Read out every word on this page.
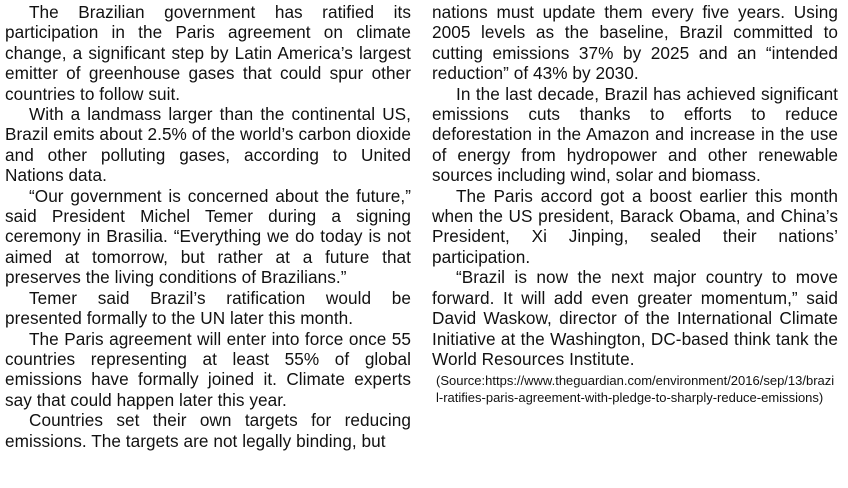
The Brazilian government has ratified its participation in the Paris agreement on climate change, a significant step by Latin America’s largest emitter of greenhouse gases that could spur other countries to follow suit.

With a landmass larger than the continental US, Brazil emits about 2.5% of the world’s carbon dioxide and other polluting gases, according to United Nations data.

“Our government is concerned about the future,” said President Michel Temer during a signing ceremony in Brasilia. “Everything we do today is not aimed at tomorrow, but rather at a future that preserves the living conditions of Brazilians.”

Temer said Brazil’s ratification would be presented formally to the UN later this month.

The Paris agreement will enter into force once 55 countries representing at least 55% of global emissions have formally joined it. Climate experts say that could happen later this year.

Countries set their own targets for reducing emissions. The targets are not legally binding, but

nations must update them every five years. Using 2005 levels as the baseline, Brazil committed to cutting emissions 37% by 2025 and an “intended reduction” of 43% by 2030.

In the last decade, Brazil has achieved significant emissions cuts thanks to efforts to reduce deforestation in the Amazon and increase in the use of energy from hydropower and other renewable sources including wind, solar and biomass.

The Paris accord got a boost earlier this month when the US president, Barack Obama, and China’s President, Xi Jinping, sealed their nations’ participation.

“Brazil is now the next major country to move forward. It will add even greater momentum,” said David Waskow, director of the International Climate Initiative at the Washington, DC-based think tank the World Resources Institute.

(Source:https://www.theguardian.com/environment/2016/sep/13/brazil-ratifies-paris-agreement-with-pledge-to-sharply-reduce-emissions)
